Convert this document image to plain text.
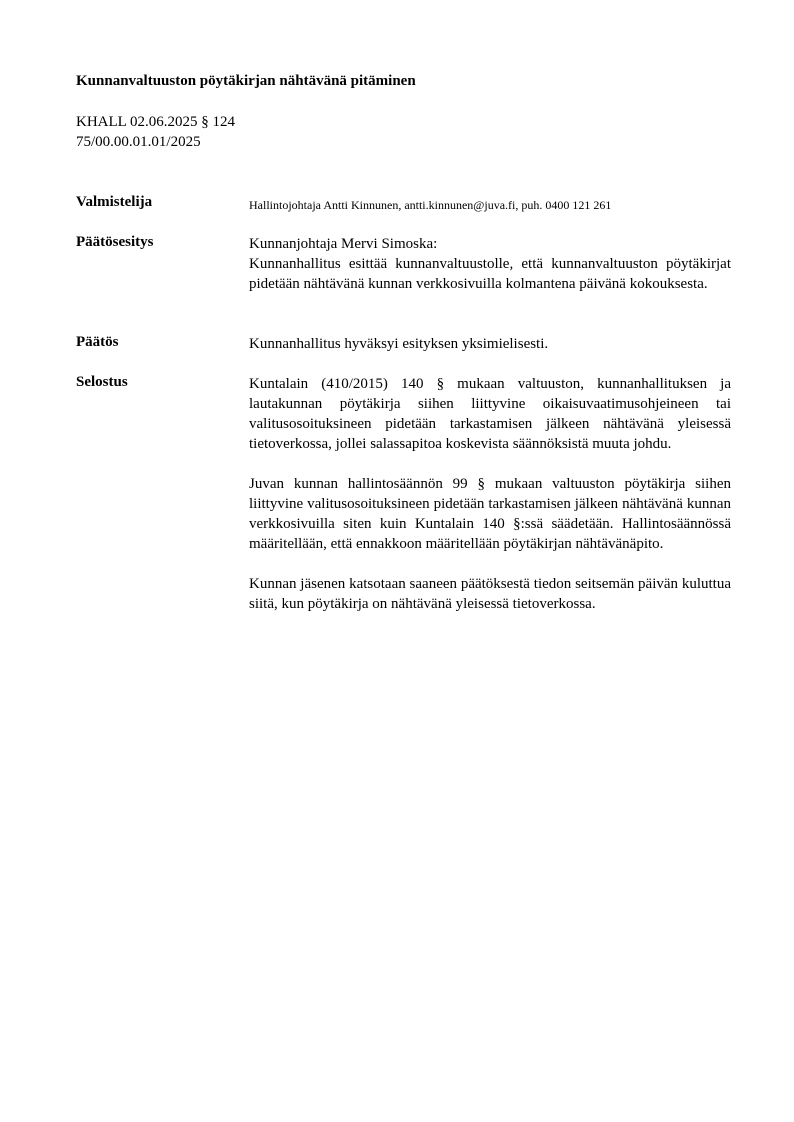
Kunnanvaltuuston pöytäkirjan nähtävänä pitäminen
KHALL 02.06.2025 § 124
75/00.00.01.01/2025
Valmistelija	Hallintojohtaja Antti Kinnunen, antti.kinnunen@juva.fi, puh. 0400 121 261
Päätösesitys	Kunnanjohtaja Mervi Simoska:

Kunnanhallitus esittää kunnanvaltuustolle, että kunnanvaltuuston pöytäkirjat pidetään nähtävänä kunnan verkkosivuilla kolmantena päivänä kokouksesta.

Päätös	Kunnanhallitus hyväksyi esityksen yksimielisesti.

Selostus	Kuntalain (410/2015) 140 § mukaan valtuuston, kunnanhallituksen ja lautakunnan pöytäkirja siihen liittyvine oikaisuvaatimusohjeineen tai valitusosoituksineen pidetään tarkastamisen jälkeen nähtävänä yleisessä tietoverkossa, jollei salassapitoa koskevista säännöksistä muuta johdu.

Juvan kunnan hallintosäännön 99 § mukaan valtuuston pöytäkirja siihen liittyvine valitusosoituksineen pidetään tarkastamisen jälkeen nähtävänä kunnan verkkosivuilla siten kuin Kuntalain 140 §:ssä säädetään. Hallintosäännössä määritellään, että ennakkoon määritellään pöytäkirjan nähtävänäpito.

Kunnan jäsenen katsotaan saaneen päätöksestä tiedon seitsemän päivän kuluttua siitä, kun pöytäkirja on nähtävänä yleisessä tietoverkossa.
